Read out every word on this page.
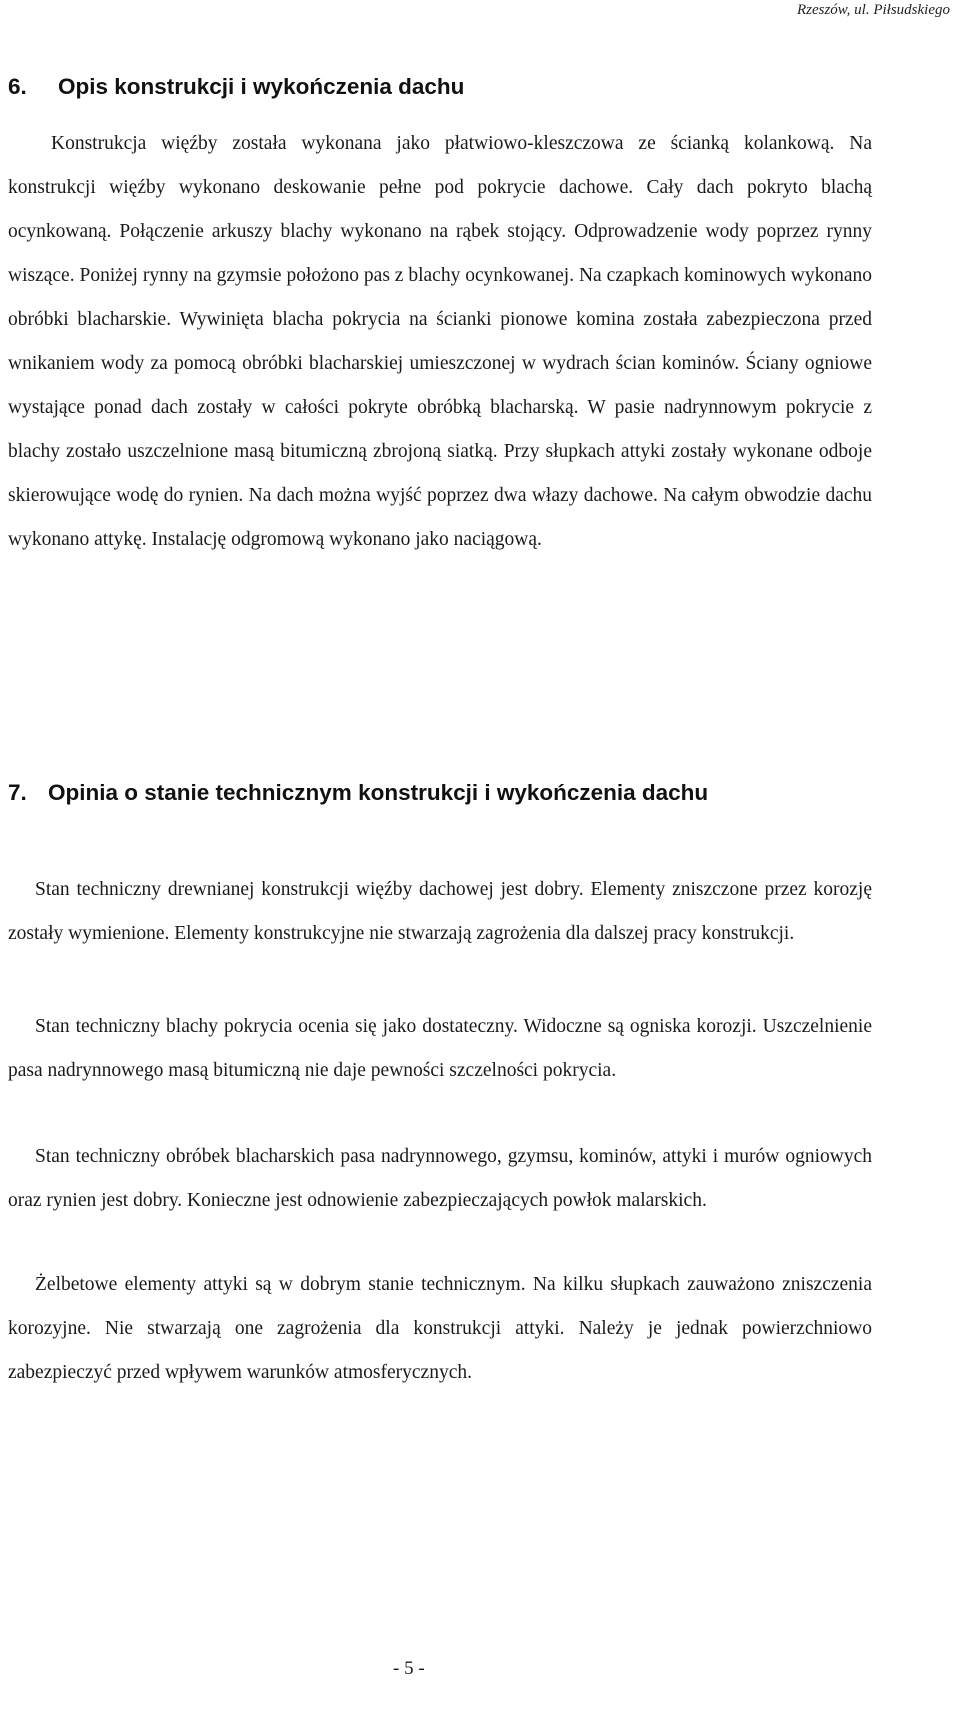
Rzeszów, ul. Piłsudskiego
6. Opis konstrukcji i wykończenia dachu

Konstrukcja więźby została wykonana jako płatwiowo-kleszczowa ze ścianką kolankową. Na konstrukcji więźby wykonano deskowanie pełne pod pokrycie dachowe. Cały dach pokryto blachą ocynkowaną. Połączenie arkuszy blachy wykonano na rąbek stojący. Odprowadzenie wody poprzez rynny wiszące. Poniżej rynny na gzymsie położono pas z blachy ocynkowanej. Na czapkach kominowych wykonano obróbki blacharskie. Wywinięta blacha pokrycia na ścianki pionowe komina została zabezpieczona przed wnikaniem wody za pomocą obróbki blacharskiej umieszczonej w wydrach ścian kominów. Ściany ogniowe wystające ponad dach zostały w całości pokryte obróbką blacharską. W pasie nadrynnowym pokrycie z blachy zostało uszczelnione masą bitumiczną zbrojoną siatką. Przy słupkach attyki zostały wykonane odboje skierowujące wodę do rynien. Na dach można wyjść poprzez dwa włazy dachowe. Na całym obwodzie dachu wykonano attykę. Instalację odgromową wykonano jako naciągową.

7. Opinia o stanie technicznym konstrukcji i wykończenia dachu

Stan techniczny drewnianej konstrukcji więźby dachowej jest dobry. Elementy zniszczone przez korozję zostały wymienione. Elementy konstrukcyjne nie stwarzają zagrożenia dla dalszej pracy konstrukcji.

Stan techniczny blachy pokrycia ocenia się jako dostateczny. Widoczne są ogniska korozji. Uszczelnienie pasa nadrynnowego masą bitumiczną nie daje pewności szczelności pokrycia.

Stan techniczny obróbek blacharskich pasa nadrynnowego, gzymsu, kominów, attyki i murów ogniowych oraz rynien jest dobry. Konieczne jest odnowienie zabezpieczających powłok malarskich.

Żelbetowe elementy attyki są w dobrym stanie technicznym. Na kilku słupkach zauważono zniszczenia korozyjne. Nie stwarzają one zagrożenia dla konstrukcji attyki. Należy je jednak powierzchniowo zabezpieczyć przed wpływem warunków atmosferycznych.

- 5 -
